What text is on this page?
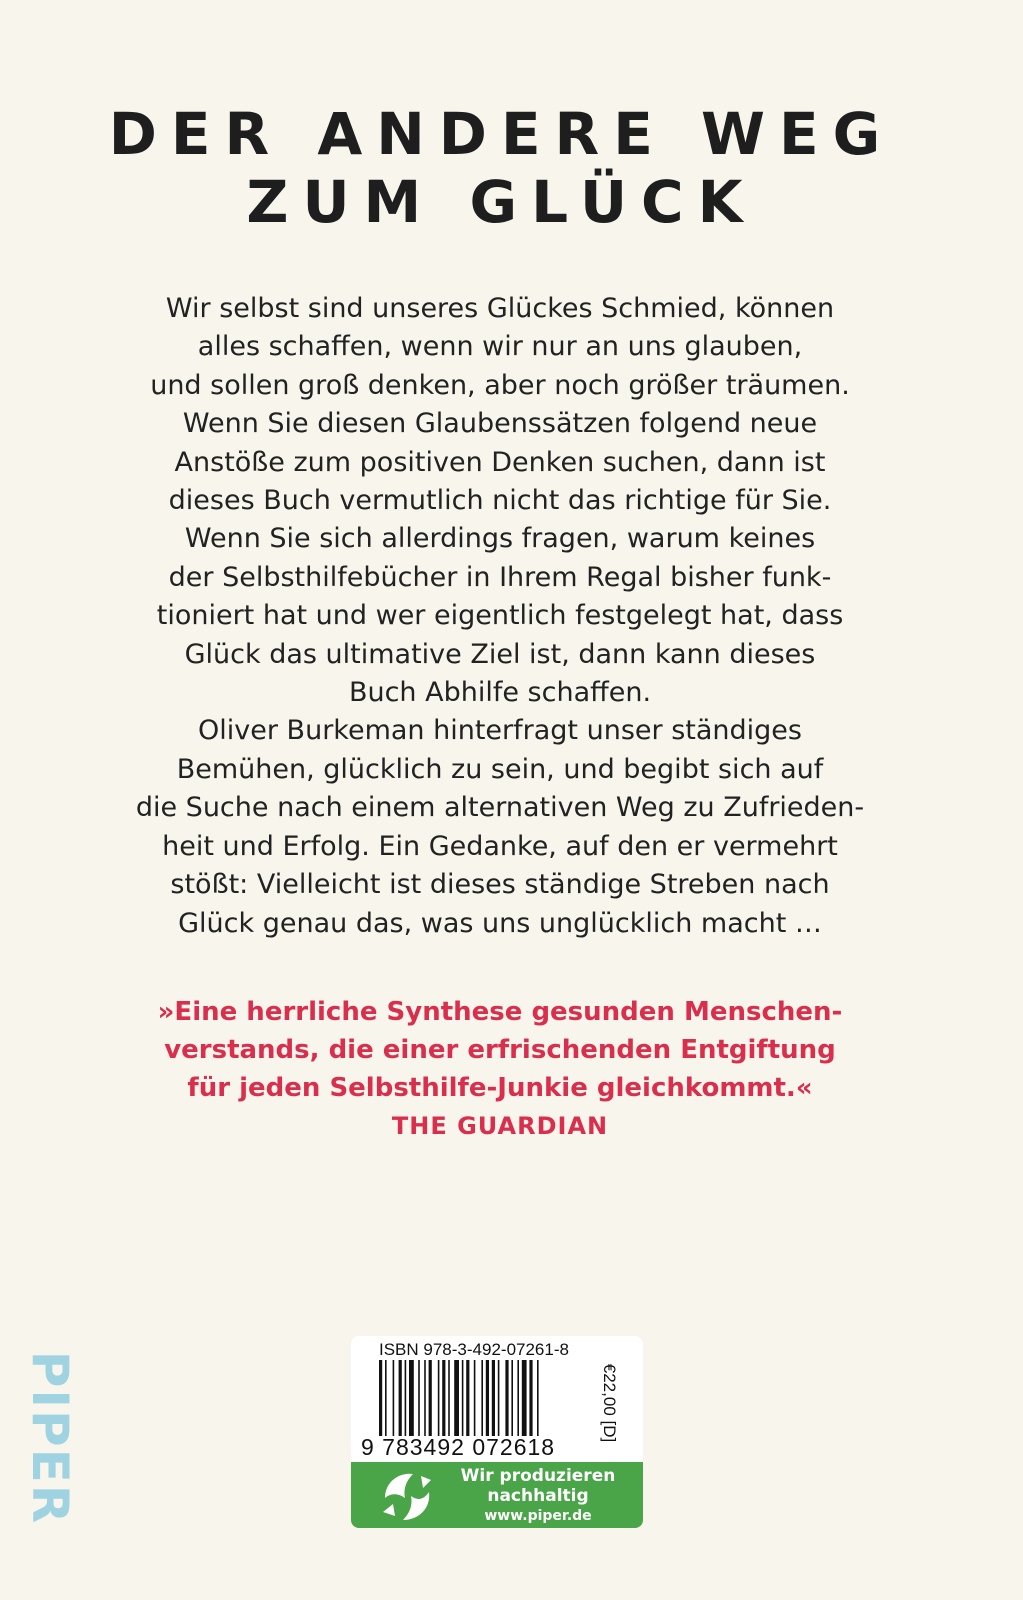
DER ANDERE WEG
ZUM GLÜCK
Wir selbst sind unseres Glückes Schmied, können
alles schaffen, wenn wir nur an uns glauben,
und sollen groß denken, aber noch größer träumen.
Wenn Sie diesen Glaubenssätzen folgend neue
Anstöße zum positiven Denken suchen, dann ist
dieses Buch vermutlich nicht das richtige für Sie.
Wenn Sie sich allerdings fragen, warum keines
der Selbsthilfebücher in Ihrem Regal bisher funk-
tioniert hat und wer eigentlich festgelegt hat, dass
Glück das ultimative Ziel ist, dann kann dieses
Buch Abhilfe schaffen.
Oliver Burkeman hinterfragt unser ständiges
Bemühen, glücklich zu sein, und begibt sich auf
die Suche nach einem alternativen Weg zu Zufrieden-
heit und Erfolg. Ein Gedanke, auf den er vermehrt
stößt: Vielleicht ist dieses ständige Streben nach
Glück genau das, was uns unglücklich macht …
»Eine herrliche Synthese gesunden Menschen-
verstands, die einer erfrischenden Entgiftung
für jeden Selbsthilfe-Junkie gleichkommt.«
THE GUARDIAN
PIPER
ISBN 978-3-492-07261-8
9 783492 072618
€22,00 [D]
Wir produzieren
nachhaltig
www.piper.de
